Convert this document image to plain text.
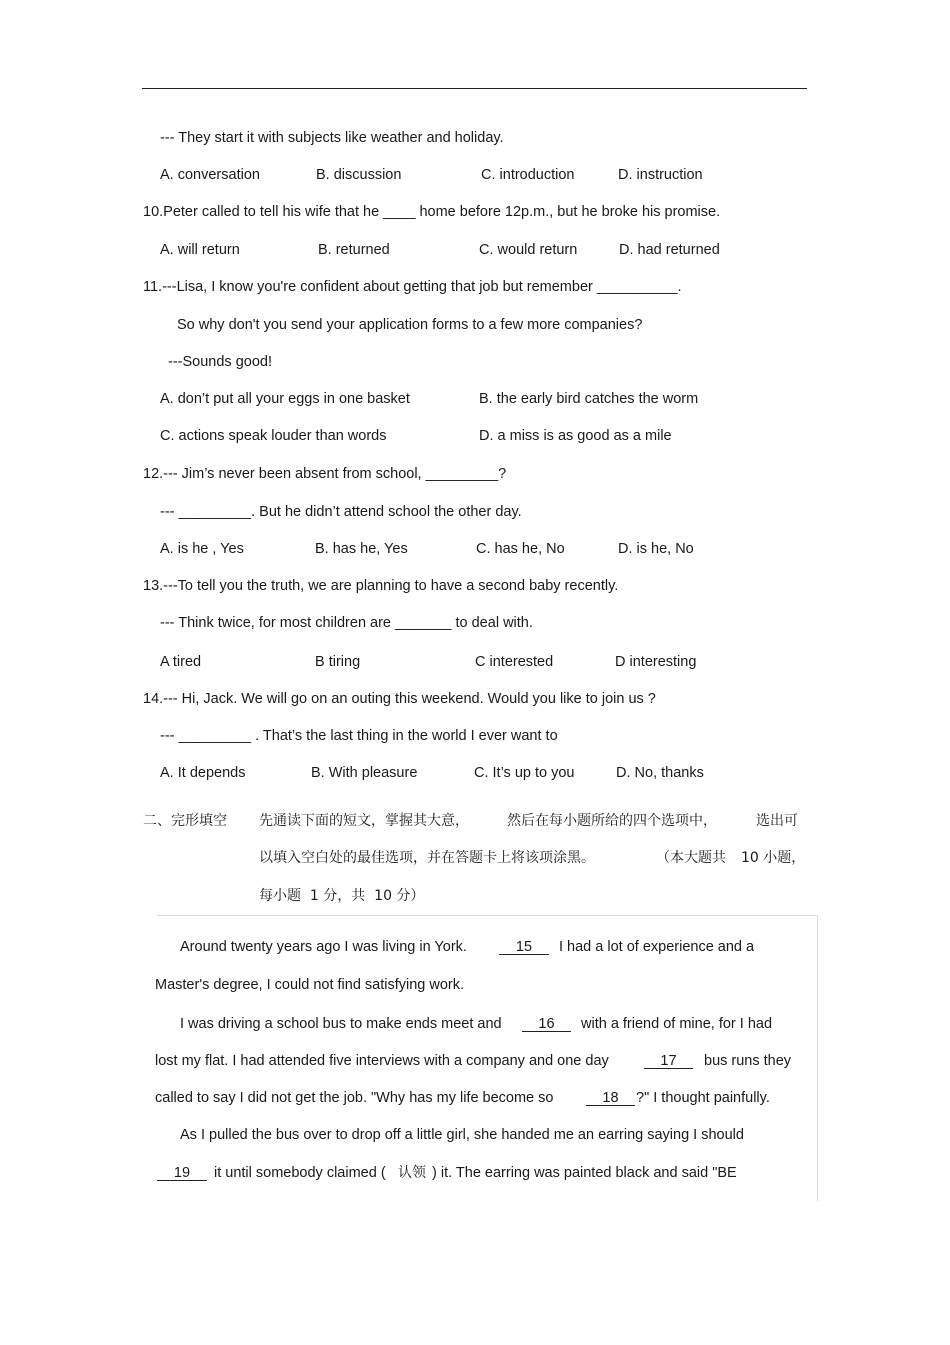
--- They start it with subjects like weather and holiday.
A. conversation	B. discussion	C. introduction	D. instruction
10.Peter called to tell his wife that he ____ home before 12p.m., but he broke his promise.
A. will return	B. returned	C. would return	D. had returned
11.---Lisa, I know you're confident about getting that job but remember __________.
So why don't you send your application forms to a few more companies?
---Sounds good!
A. don’t put all your eggs in one basket	B. the early bird catches the worm
C. actions speak louder than words	D. a miss is as good as a mile
12.--- Jim’s never been absent from school, _________?
--- _________. But he didn’t attend school the other day.
A. is he , Yes	B. has he, Yes	C. has he, No	D. is he, No
13.---To tell you the truth, we are planning to have a second baby recently.
--- Think twice, for most children are _______ to deal with.
A tired	B tiring	C interested	D interesting
14.--- Hi, Jack. We will go on an outing this weekend. Would you like to join us ?
--- _________ . That’s the last thing in the world I ever want to
A. It depends	B. With pleasure	C. It’s up to you	D. No, thanks
二、完形填空 先通读下面的短文，掌握其大意，	然后在每小题所给的四个选项中，	选出可
以填入空白处的最佳选项，并在答题卡上将该项涂黑。	（本大题共 10 小题，
每小题  1 分，共  10 分）
Around twenty years ago I was living in York.	15	I had a lot of experience and a
Master's degree, I could not find satisfying work.
I was driving a school bus to make ends meet and	16	with a friend of mine, for I had
lost my flat. I had attended five interviews with a company and one day	17	bus runs they
called to say I did not get the job. "Why has my life become so	18	?" I thought painfully.
As I pulled the bus over to drop off a little girl, she handed me an earring saying I should
19	it until somebody claimed ( 认领 ) it. The earring was painted black and said "BE
